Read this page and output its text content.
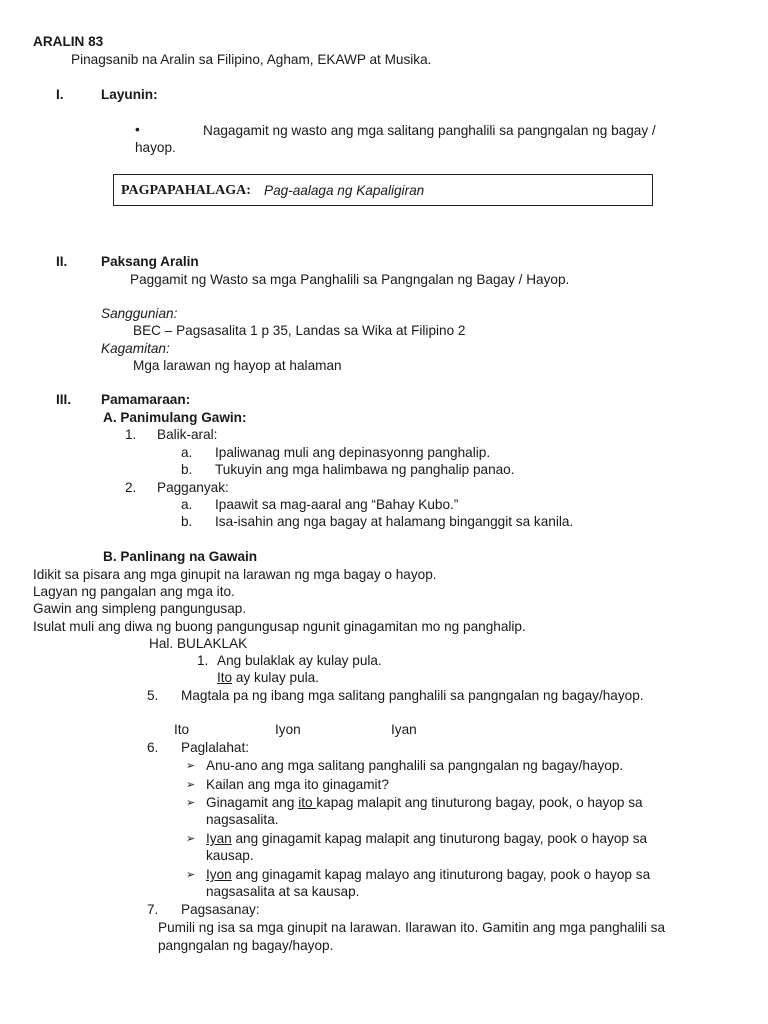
ARALIN 83
Pinagsanib na Aralin sa Filipino, Agham, EKAWP at Musika.
I.	Layunin:
•	Nagagamit ng wasto ang mga salitang panghalili sa pangngalan ng bagay /
hayop.
PAGPAPAHALAGA: Pag-aalaga ng Kapaligiran
II. Paksang Aralin
Paggamit ng Wasto sa mga Panghalili sa Pangngalan ng Bagay / Hayop.
Sanggunian:
BEC – Pagsasalita 1 p 35, Landas sa Wika at Filipino 2
Kagamitan:
Mga larawan ng hayop at halaman
III. Pamamaraan:
A. Panimulang Gawin:
1. Balik-aral:
a. Ipaliwanag muli ang depinasyonng panghalip.
b. Tukuyin ang mga halimbawa ng panghalip panao.
2. Pagganyak:
a. Ipaawit sa mag-aaral ang “Bahay Kubo.”
b. Isa-isahin ang nga bagay at halamang binganggit sa kanila.
B. Panlinang na Gawain
Idikit sa pisara ang mga ginupit na larawan ng mga bagay o hayop.
Lagyan ng pangalan ang mga ito.
Gawin ang simpleng pangungusap.
Isulat muli ang diwa ng buong pangungusap ngunit ginagamitan mo ng panghalip.
Hal. BULAKLAK
1. Ang bulaklak ay kulay pula.
Ito ay kulay pula.
5. Magtala pa ng ibang mga salitang panghalili sa pangngalan ng bagay/hayop.
Ito	Iyon	Iyan
6. Paglalahat:
➢ Anu-ano ang mga salitang panghalili sa pangngalan ng bagay/hayop.
➢ Kailan ang mga ito ginagamit?
➢ Ginagamit ang ito kapag malapit ang tinuturong bagay, pook, o hayop sa
nagsasalita.
➢ Iyan ang ginagamit kapag malapit ang tinuturong bagay, pook o hayop sa
kausap.
➢ Iyon ang ginagamit kapag malayo ang itinuturong bagay, pook o hayop sa
nagsasalita at sa kausap.
7. Pagsasanay:
Pumili ng isa sa mga ginupit na larawan. Ilarawan ito. Gamitin ang mga panghalili sa
pangngalan ng bagay/hayop.
